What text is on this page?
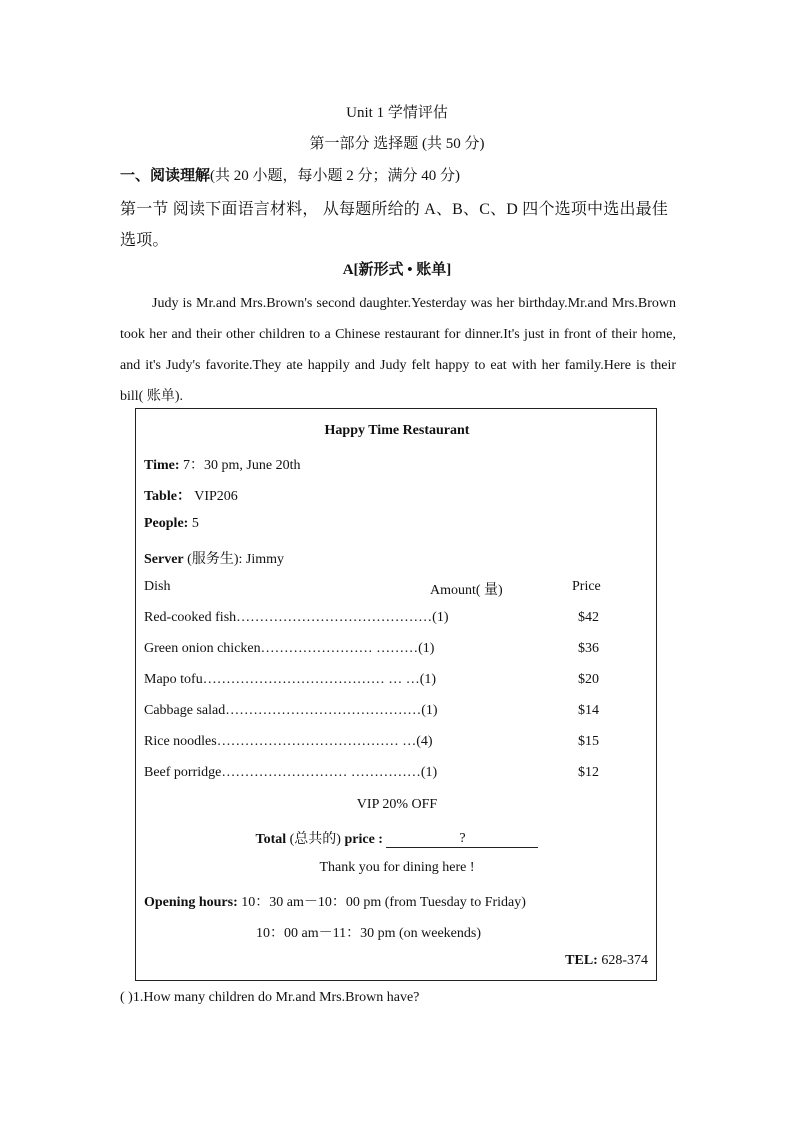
Unit 1 学情评估
第一部分 选择题 (共 50 分)
一、阅读理解(共 20 小题，每小题 2 分；满分 40 分)
第一节 阅读下面语言材料， 从每题所给的 A、B、C、D 四个选项中选出最佳选项。
A[新形式 • 账单]
Judy is Mr.and Mrs.Brown's second daughter.Yesterday was her birthday.Mr.and Mrs.Brown took her and their other children to a Chinese restaurant for dinner.It's just in front of their home, and it's Judy's favorite.They ate happily and Judy felt happy to eat with her family.Here is their bill( 账单).
Happy Time Restaurant
Time: 7：30 pm, June 20th
Table： VIP206
People: 5
Server (服务生): Jimmy
Dish	Amount( 量)	Price
Red-cooked fish……………………………………(1)	$42
Green onion chicken…………………… ………(1)	$36
Mapo tofu………………………………… … …(1)	$20
Cabbage salad……………………………………(1)	$14
Rice noodles………………………………… …(4)	$15
Beef porridge……………………… ……………(1)	$12
VIP 20% OFF
Total (总共的) price :	?
Thank you for dining here !
Opening hours: 10：30 am－10：00 pm (from Tuesday to Friday)
10：00 am－11：30 pm (on weekends)
TEL: 628-374
( )1.How many children do Mr.and Mrs.Brown have?
